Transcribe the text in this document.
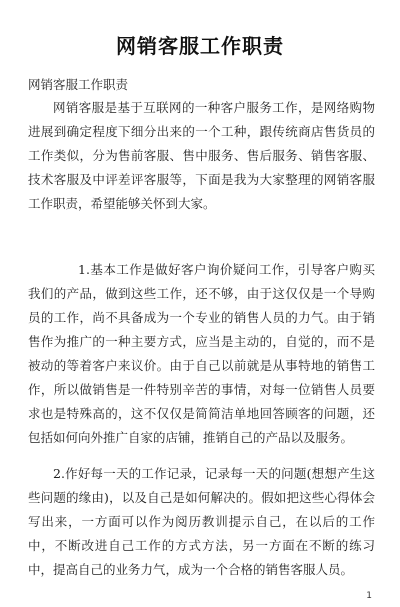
网销客服工作职责
网销客服工作职责

网销客服是基于互联网的一种客户服务工作，是网络购物进展到确定程度下细分出来的一个工种，跟传统商店售货员的工作类似，分为售前客服、售中服务、售后服务、销售客服、技术客服及中评差评客服等，下面是我为大家整理的网销客服工作职责，希望能够关怀到大家。

1.基本工作是做好客户询价疑问工作，引导客户购买我们的产品，做到这些工作，还不够，由于这仅仅是一个导购员的工作，尚不具备成为一个专业的销售人员的力气。由于销售作为推广的一种主要方式，应当是主动的，自觉的，而不是被动的等着客户来议价。由于自己以前就是从事特地的销售工作，所以做销售是一件特别辛苦的事情，对每一位销售人员要求也是特殊高的，这不仅仅是简简洁单地回答顾客的问题，还包括如何向外推广自家的店铺，推销自己的产品以及服务。

2.作好每一天的工作记录，记录每一天的问题(想想产生这些问题的缘由)，以及自己是如何解决的。假如把这些心得体会写出来，一方面可以作为阅历教训提示自己，在以后的工作中，不断改进自己工作的方式方法，另一方面在不断的练习中，提高自己的业务力气，成为一个合格的销售客服人员。

1
